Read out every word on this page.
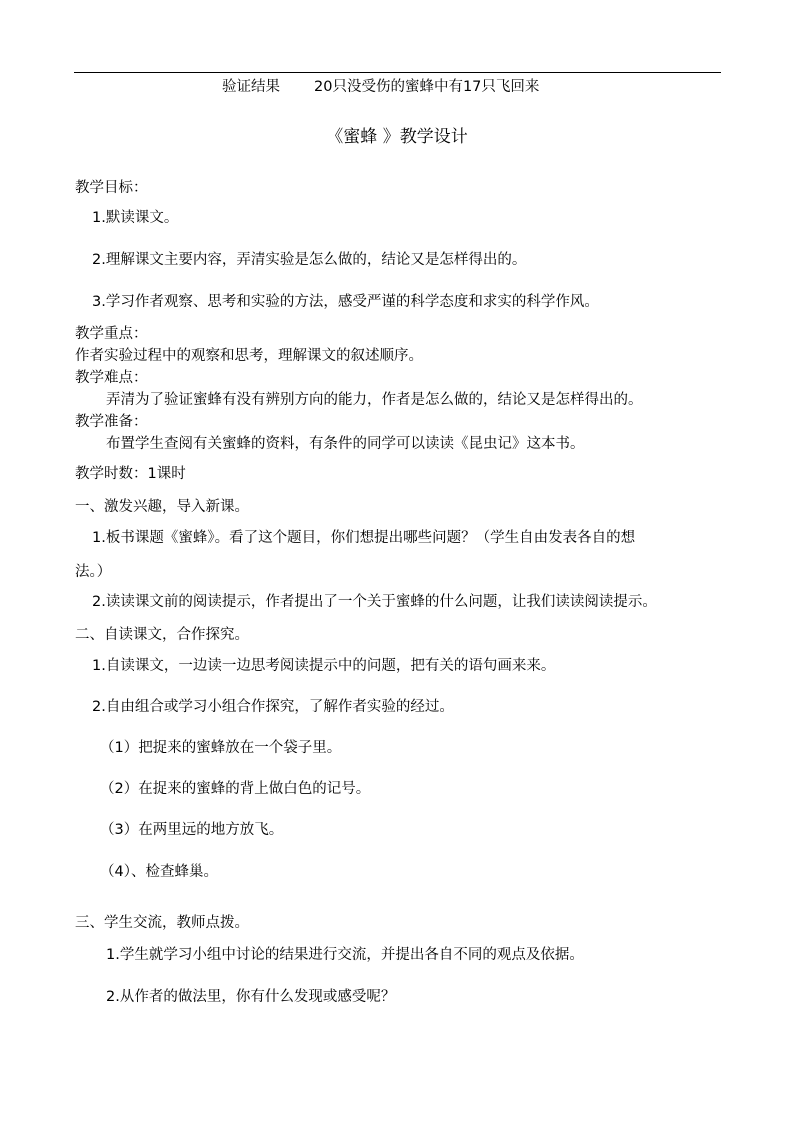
验证结果 20只没受伤的蜜蜂中有17只飞回来
《蜜蜂 》教学设计
教学目标：
1.默读课文。
2.理解课文主要内容，弄清实验是怎么做的，结论又是怎样得出的。
3.学习作者观察、思考和实验的方法，感受严谨的科学态度和求实的科学作风。
教学重点：
作者实验过程中的观察和思考，理解课文的叙述顺序。
教学难点：
弄清为了验证蜜蜂有没有辨别方向的能力，作者是怎么做的，结论又是怎样得出的。
教学准备：
布置学生查阅有关蜜蜂的资料，有条件的同学可以读读《昆虫记》这本书。
教学时数：1课时
一、激发兴趣，导入新课。
1.板书课题《蜜蜂》。看了这个题目，你们想提出哪些问题？（学生自由发表各自的想
法。）
2.读读课文前的阅读提示，作者提出了一个关于蜜蜂的什么问题，让我们读读阅读提示。
二、自读课文，合作探究。
1.自读课文，一边读一边思考阅读提示中的问题，把有关的语句画来来。
2.自由组合或学习小组合作探究，了解作者实验的经过。
（1）把捉来的蜜蜂放在一个袋子里。
（2）在捉来的蜜蜂的背上做白色的记号。
（3）在两里远的地方放飞。
（4）、检查蜂巢。
三、学生交流，教师点拨。
1.学生就学习小组中讨论的结果进行交流，并提出各自不同的观点及依据。
2.从作者的做法里，你有什么发现或感受呢？
